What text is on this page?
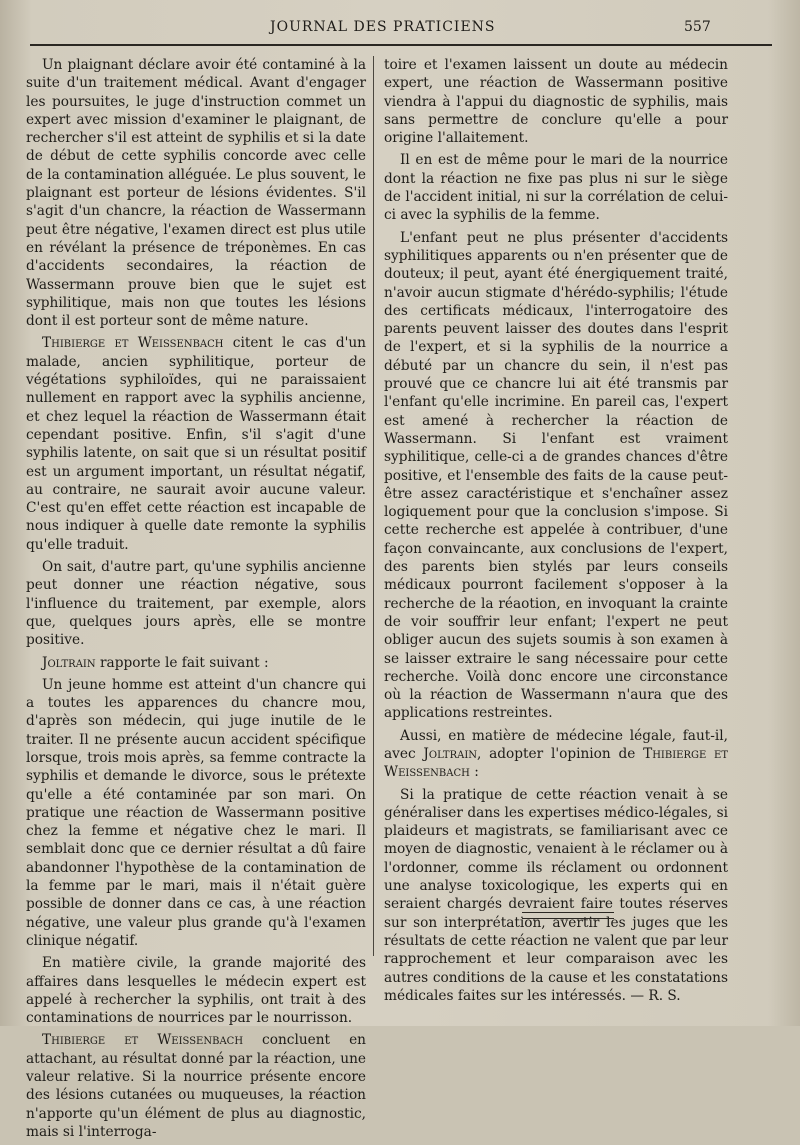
JOURNAL DES PRATICIENS	557

Un plaignant déclare avoir été contaminé à la suite d'un traitement médical. Avant d'engager les poursuites, le juge d'instruction commet un expert avec mission d'examiner le plaignant, de rechercher s'il est atteint de syphilis et si la date de début de cette syphilis concorde avec celle de la contamination alléguée. Le plus souvent, le plaignant est porteur de lésions évidentes. S'il s'agit d'un chancre, la réaction de Wassermann peut être négative, l'examen direct est plus utile en révélant la présence de tréponèmes. En cas d'accidents secondaires, la réaction de Wassermann prouve bien que le sujet est syphilitique, mais non que toutes les lésions dont il est porteur sont de même nature.

Thibierge et Weissenbach citent le cas d'un malade, ancien syphilitique, porteur de végétations syphiloïdes, qui ne paraissaient nullement en rapport avec la syphilis ancienne, et chez lequel la réaction de Wassermann était cependant positive. Enfin, s'il s'agit d'une syphilis latente, on sait que si un résultat positif est un argument important, un résultat négatif, au contraire, ne saurait avoir aucune valeur. C'est qu'en effet cette réaction est incapable de nous indiquer à quelle date remonte la syphilis qu'elle traduit.

On sait, d'autre part, qu'une syphilis ancienne peut donner une réaction négative, sous l'influence du traitement, par exemple, alors que, quelques jours après, elle se montre positive.

Joltrain rapporte le fait suivant :

Un jeune homme est atteint d'un chancre qui a toutes les apparences du chancre mou, d'après son médecin, qui juge inutile de le traiter. Il ne présente aucun accident spécifique lorsque, trois mois après, sa femme contracte la syphilis et demande le divorce, sous le prétexte qu'elle a été contaminée par son mari. On pratique une réaction de Wassermann positive chez la femme et négative chez le mari. Il semblait donc que ce dernier résultat a dû faire abandonner l'hypothèse de la contamination de la femme par le mari, mais il n'était guère possible de donner dans ce cas, à une réaction négative, une valeur plus grande qu'à l'examen clinique négatif.

En matière civile, la grande majorité des affaires dans lesquelles le médecin expert est appelé à rechercher la syphilis, ont trait à des contaminations de nourrices par le nourrisson.

Thibierge et Weissenbach concluent en attachant, au résultat donné par la réaction, une valeur relative. Si la nourrice présente encore des lésions cutanées ou muqueuses, la réaction n'apporte qu'un élément de plus au diagnostic, mais si l'interroga-

toire et l'examen laissent un doute au médecin expert, une réaction de Wassermann positive viendra à l'appui du diagnostic de syphilis, mais sans permettre de conclure qu'elle a pour origine l'allaitement.

Il en est de même pour le mari de la nourrice dont la réaction ne fixe pas plus ni sur le siège de l'accident initial, ni sur la corrélation de celui-ci avec la syphilis de la femme.

L'enfant peut ne plus présenter d'accidents syphilitiques apparents ou n'en présenter que de douteux; il peut, ayant été énergiquement traité, n'avoir aucun stigmate d'hérédo-syphilis; l'étude des certificats médicaux, l'interrogatoire des parents peuvent laisser des doutes dans l'esprit de l'expert, et si la syphilis de la nourrice a débuté par un chancre du sein, il n'est pas prouvé que ce chancre lui ait été transmis par l'enfant qu'elle incrimine. En pareil cas, l'expert est amené à rechercher la réaction de Wassermann. Si l'enfant est vraiment syphilitique, celle-ci a de grandes chances d'être positive, et l'ensemble des faits de la cause peut-être assez caractéristique et s'enchaîner assez logiquement pour que la conclusion s'impose. Si cette recherche est appelée à contribuer, d'une façon convaincante, aux conclusions de l'expert, des parents bien stylés par leurs conseils médicaux pourront facilement s'opposer à la recherche de la réaotion, en invoquant la crainte de voir souffrir leur enfant; l'expert ne peut obliger aucun des sujets soumis à son examen à se laisser extraire le sang nécessaire pour cette recherche. Voilà donc encore une circonstance où la réaction de Wassermann n'aura que des applications restreintes.

Aussi, en matière de médecine légale, faut-il, avec Joltrain, adopter l'opinion de Thibierge et Weissenbach :

Si la pratique de cette réaction venait à se généraliser dans les expertises médico-légales, si plaideurs et magistrats, se familiarisant avec ce moyen de diagnostic, venaient à le réclamer ou à l'ordonner, comme ils réclament ou ordonnent une analyse toxicologique, les experts qui en seraient chargés devraient faire toutes réserves sur son interprétation, avertir les juges que les résultats de cette réaction ne valent que par leur rapprochement et leur comparaison avec les autres conditions de la cause et les constatations médicales faites sur les intéressés. — R. S.
